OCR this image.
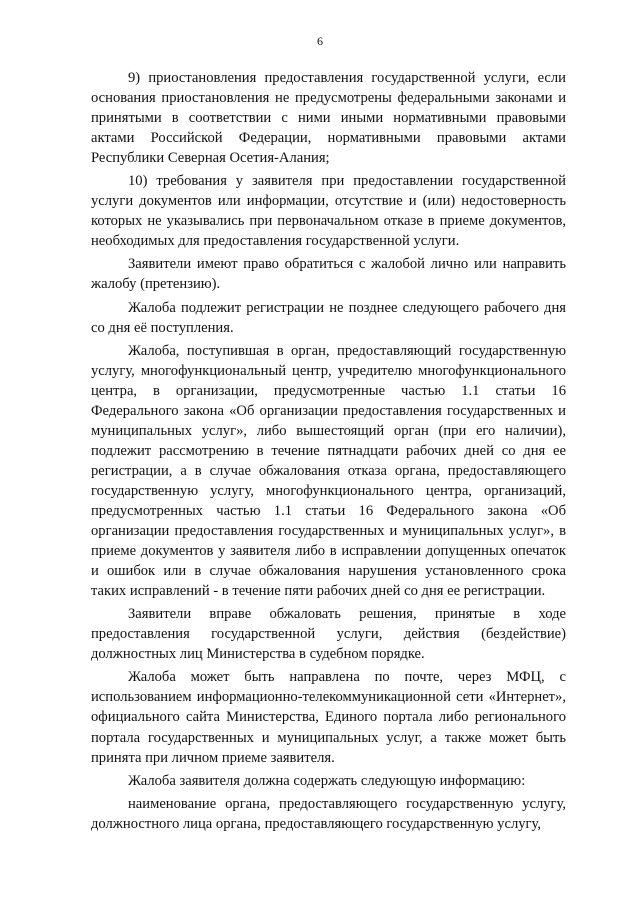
6

9) приостановления предоставления государственной услуги, если основания приостановления не предусмотрены федеральными законами и принятыми в соответствии с ними иными нормативными правовыми актами Российской Федерации, нормативными правовыми актами Республики Северная Осетия-Алания;

10) требования у заявителя при предоставлении государственной услуги документов или информации, отсутствие и (или) недостоверность которых не указывались при первоначальном отказе в приеме документов, необходимых для предоставления государственной услуги.

Заявители имеют право обратиться с жалобой лично или направить жалобу (претензию).

Жалоба подлежит регистрации не позднее следующего рабочего дня со дня её поступления.

Жалоба, поступившая в орган, предоставляющий государственную услугу, многофункциональный центр, учредителю многофункционального центра, в организации, предусмотренные частью 1.1 статьи 16 Федерального закона «Об организации предоставления государственных и муниципальных услуг», либо вышестоящий орган (при его наличии), подлежит рассмотрению в течение пятнадцати рабочих дней со дня ее регистрации, а в случае обжалования отказа органа, предоставляющего государственную услугу, многофункционального центра, организаций, предусмотренных частью 1.1 статьи 16 Федерального закона «Об организации предоставления государственных и муниципальных услуг», в приеме документов у заявителя либо в исправлении допущенных опечаток и ошибок или в случае обжалования нарушения установленного срока таких исправлений - в течение пяти рабочих дней со дня ее регистрации.

Заявители вправе обжаловать решения, принятые в ходе предоставления государственной услуги, действия (бездействие) должностных лиц Министерства в судебном порядке.

Жалоба может быть направлена по почте, через МФЦ, с использованием информационно-телекоммуникационной сети «Интернет», официального сайта Министерства, Единого портала либо регионального портала государственных и муниципальных услуг, а также может быть принята при личном приеме заявителя.

Жалоба заявителя должна содержать следующую информацию:

наименование органа, предоставляющего государственную услугу, должностного лица органа, предоставляющего государственную услугу,
